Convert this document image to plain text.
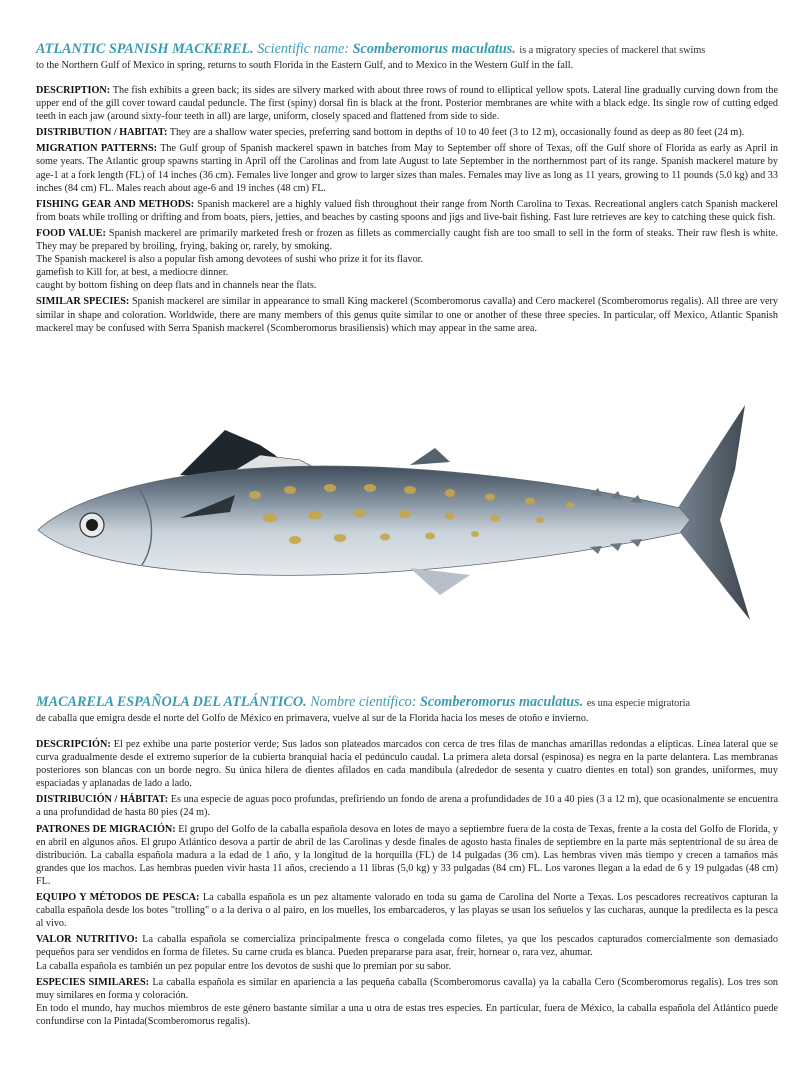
ATLANTIC SPANISH MACKEREL. Scientific name: Scomberomorus maculatus. is a migratory species of mackerel that swims
to the Northern Gulf of Mexico in spring, returns to south Florida in the Eastern Gulf, and to Mexico in the Western Gulf in the fall.

DESCRIPTION: The fish exhibits a green back; its sides are silvery marked with about three rows of round to elliptical yellow spots. Lateral line gradually curving down from the upper end of the gill cover toward caudal peduncle. The first (spiny) dorsal fin is black at the front. Posterior membranes are white with a black edge. Its single row of cutting edged teeth in each jaw (around sixty-four teeth in all) are large, uniform, closely spaced and flattened from side to side.

DISTRIBUTION / HABITAT: They are a shallow water species, preferring sand bottom in depths of 10 to 40 feet (3 to 12 m), occasionally found as deep as 80 feet (24 m).

MIGRATION PATTERNS: The Gulf group of Spanish mackerel spawn in batches from May to September off shore of Texas, off the Gulf shore of Florida as early as April in some years. The Atlantic group spawns starting in April off the Carolinas and from late August to late September in the northernmost part of its range. Spanish mackerel mature by age-1 at a fork length (FL) of 14 inches (36 cm). Females live longer and grow to larger sizes than males. Females may live as long as 11 years, growing to 11 pounds (5.0 kg) and 33 inches (84 cm) FL. Males reach about age-6 and 19 inches (48 cm) FL.

FISHING GEAR AND METHODS: Spanish mackerel are a highly valued fish throughout their range from North Carolina to Texas. Recreational anglers catch Spanish mackerel from boats while trolling or drifting and from boats, piers, jetties, and beaches by casting spoons and jigs and live-bait fishing. Fast lure retrieves are key to catching these quick fish.

FOOD VALUE: Spanish mackerel are primarily marketed fresh or frozen as fillets as commercially caught fish are too small to sell in the form of steaks. Their raw flesh is white. They may be prepared by broiling, frying, baking or, rarely, by smoking.

The Spanish mackerel is also a popular fish among devotees of sushi who prize it for its flavor.

gamefish to Kill for, at best, a mediocre dinner.

caught by bottom fishing on deep flats and in channels near the flats.

SIMILAR SPECIES: Spanish mackerel are similar in appearance to small King mackerel (Scomberomorus cavalla) and Cero mackerel (Scomberomorus regalis). All three are very similar in shape and coloration. Worldwide, there are many members of this genus quite similar to one or another of these three species. In particular, off Mexico, Atlantic Spanish mackerel may be confused with Serra Spanish mackerel (Scomberomorus brasiliensis) which may appear in the same area.

MACARELA ESPAÑOLA DEL ATLÁNTICO. Nombre científico: Scomberomorus maculatus. es una especie migratoria
de caballa que emigra desde el norte del Golfo de México en primavera, vuelve al sur de la Florida hacia los meses de otoño e invierno.

DESCRIPCIÓN: El pez exhibe una parte posterior verde; Sus lados son plateados marcados con cerca de tres filas de manchas amarillas redondas a elípticas. Línea lateral que se curva gradualmente desde el extremo superior de la cubierta branquial hacia el pedúnculo caudal. La primera aleta dorsal (espinosa) es negra en la parte delantera. Las membranas posteriores son blancas con un borde negro. Su única hilera de dientes afilados en cada mandíbula (alrededor de sesenta y cuatro dientes en total) son grandes, uniformes, muy espaciadas y aplanadas de lado a lado.

DISTRIBUCIÓN / HÁBITAT: Es una especie de aguas poco profundas, prefiriendo un fondo de arena a profundidades de 10 a 40 pies (3 a 12 m), que ocasionalmente se encuentra a una profundidad de hasta 80 pies (24 m).

PATRONES DE MIGRACIÓN: El grupo del Golfo de la caballa española desova en lotes de mayo a septiembre fuera de la costa de Texas, frente a la costa del Golfo de Florida, y en abril en algunos años. El grupo Atlántico desova a partir de abril de las Carolinas y desde finales de agosto hasta finales de septiembre en la parte más septentrional de su área de distribución. La caballa española madura a la edad de 1 año, y la longitud de la horquilla (FL) de 14 pulgadas (36 cm). Las hembras viven más tiempo y crecen a tamaños más grandes que los machos. Las hembras pueden vivir hasta 11 años, creciendo a 11 libras (5,0 kg) y 33 pulgadas (84 cm) FL. Los varones llegan a la edad de 6 y 19 pulgadas (48 cm) FL.

EQUIPO Y MÉTODOS DE PESCA: La caballa española es un pez altamente valorado en toda su gama de Carolina del Norte a Texas. Los pescadores recreativos capturan la caballa española desde los botes "trolling" o a la deriva o al pairo, en los muelles, los embarcaderos, y las playas se usan los señuelos y las cucharas, aunque la predilecta es la pesca al vivo.

VALOR NUTRITIVO: La caballa española se comercializa principalmente fresca o congelada como filetes, ya que los pescados capturados comercialmente son demasiado pequeños para ser vendidos en forma de filetes. Su carne cruda es blanca. Pueden prepararse para asar, freír, hornear o, rara vez, ahumar.

La caballa española es también un pez popular entre los devotos de sushi que lo premian por su sabor.

ESPECIES SIMILARES: La caballa española es similar en apariencia a las pequeña caballa (Scomberomorus cavalla) ya la caballa Cero (Scomberomorus regalis). Los tres son muy similares en forma y coloración.

En todo el mundo, hay muchos miembros de este género bastante similar a una u otra de estas tres especies. En particular, fuera de México, la caballa española del Atlántico puede confundirse con la Pintada(Scomberomorus regalis).
